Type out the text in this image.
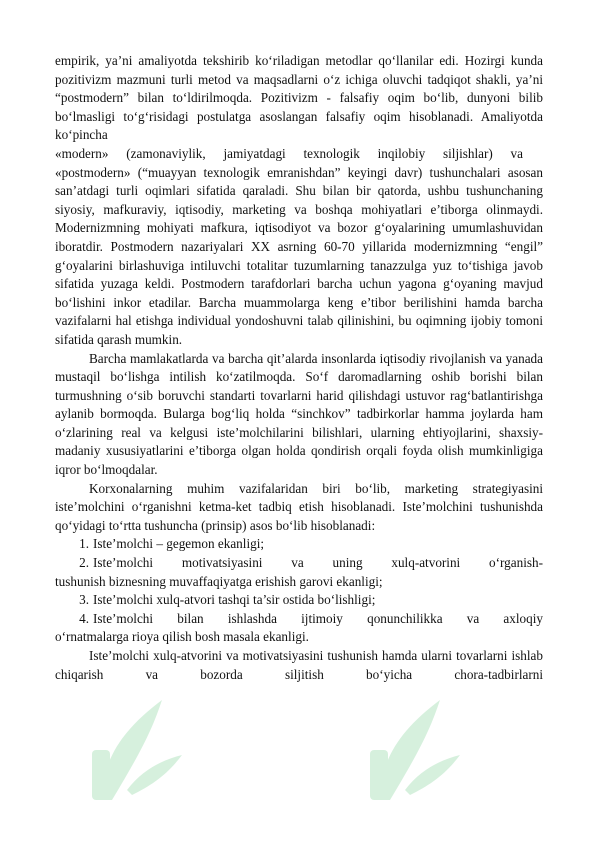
empirik, ya’ni amaliyotda tekshirib ko‘riladigan metodlar qo‘llanilar edi. Hozirgi kunda pozitivizm mazmuni turli metod va maqsadlarni o‘z ichiga oluvchi tadqiqot shakli, ya’ni “postmodern” bilan to‘ldirilmoqda. Pozitivizm - falsafiy oqim bo‘lib, dunyoni bilib bo‘lmasligi to‘g‘risidagi postulatga asoslangan falsafiy oqim hisoblanadi. Amaliyotda ko‘pincha

«modern» (zamonaviylik, jamiyatdagi texnologik inqilobiy siljishlar) va

«postmodern» (“muayyan texnologik emranishdan” keyingi davr) tushunchalari asosan san’atdagi turli oqimlari sifatida qaraladi. Shu bilan bir qatorda, ushbu tushunchaning siyosiy, mafkuraviy, iqtisodiy, marketing va boshqa mohiyatlari e’tiborga olinmaydi. Modernizmning mohiyati mafkura, iqtisodiyot va bozor g‘oyalarining umumlashuvidan iboratdir. Postmodern nazariyalari XX asrning 60-70 yillarida modernizmning “engil” g‘oyalarini birlashuviga intiluvchi totalitar tuzumlarning tanazzulga yuz to‘tishiga javob sifatida yuzaga keldi. Postmodern tarafdorlari barcha uchun yagona g‘oyaning mavjud bo‘lishini inkor etadilar. Barcha muammolarga keng e’tibor berilishini hamda barcha vazifalarni hal etishga individual yondoshuvni talab qilinishini, bu oqimning ijobiy tomoni sifatida qarash mumkin.

Barcha mamlakatlarda va barcha qit’alarda insonlarda iqtisodiy rivojlanish va yanada mustaqil bo‘lishga intilish ko‘zatilmoqda. So‘f daromadlarning oshib borishi bilan turmushning o‘sib boruvchi standarti tovarlarni harid qilishdagi ustuvor rag‘batlantirishga aylanib bormoqda. Bularga bog‘liq holda “sinchkov” tadbirkorlar hamma joylarda ham o‘zlarining real va kelgusi iste’molchilarini bilishlari, ularning ehtiyojlarini, shaxsiy-madaniy xususiyatlarini e’tiborga olgan holda qondirish orqali foyda olish mumkinligiga iqror bo‘lmoqdalar.

Korxonalarning muhim vazifalaridan biri bo‘lib, marketing strategiyasini iste’molchini o‘rganishni ketma-ket tadbiq etish hisoblanadi. Iste’molchini tushunishda qo‘yidagi to‘rtta tushuncha (prinsip) asos bo‘lib hisoblanadi:

1. Iste’molchi – gegemon ekanligi;
2. Iste’molchi motivatsiyasini va uning xulq-atvorini o‘rganish-
tushunish biznesning muvaffaqiyatga erishish garovi ekanligi;
3. Iste’molchi xulq-atvori tashqi ta’sir ostida bo‘lishligi;
4. Iste’molchi bilan ishlashda ijtimoiy qonunchilikka va axloqiy
o‘rnatmalarga rioya qilish bosh masala ekanligi.

Iste’molchi xulq-atvorini va motivatsiyasini tushunish hamda ularni tovarlarni ishlab chiqarish va bozorda siljitish bo‘yicha chora-tadbirlarni
